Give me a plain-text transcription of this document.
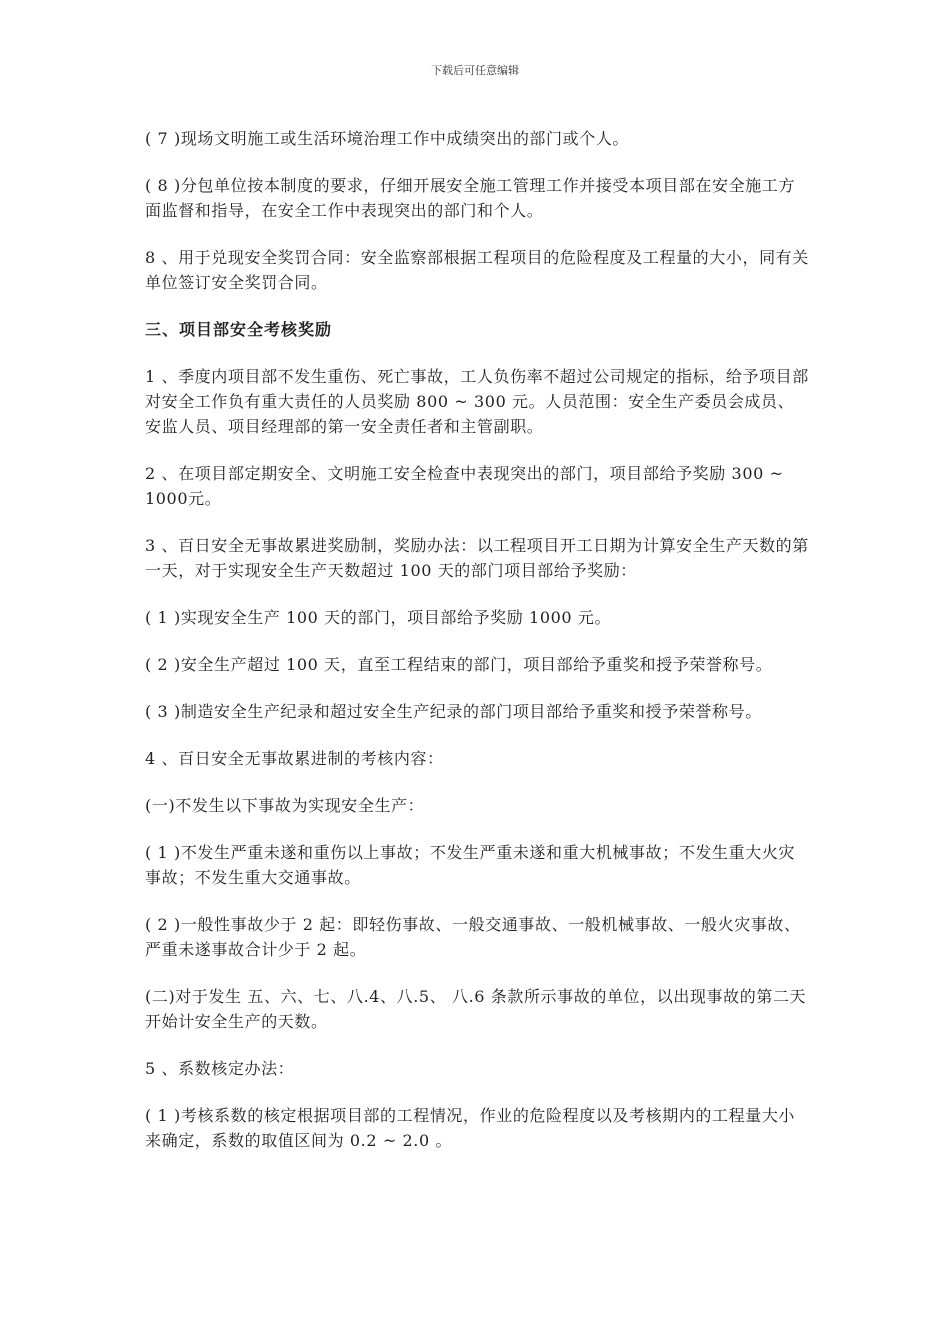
下载后可任意编辑

( 7 )现场文明施工或生活环境治理工作中成绩突出的部门或个人。

( 8 )分包单位按本制度的要求，仔细开展安全施工管理工作并接受本项目部在安全施工方面监督和指导，在安全工作中表现突出的部门和个人。

8 、用于兑现安全奖罚合同：安全监察部根据工程项目的危险程度及工程量的大小，同有关单位签订安全奖罚合同。

三、项目部安全考核奖励

1 、季度内项目部不发生重伤、死亡事故，工人负伤率不超过公司规定的指标，给予项目部对安全工作负有重大责任的人员奖励 800 ~ 300 元。人员范围：安全生产委员会成员、安监人员、项目经理部的第一安全责任者和主管副职。

2 、在项目部定期安全、文明施工安全检查中表现突出的部门，项目部给予奖励 300 ~ 1000元。

3 、百日安全无事故累进奖励制，奖励办法：以工程项目开工日期为计算安全生产天数的第一天，对于实现安全生产天数超过 100 天的部门项目部给予奖励：

( 1 )实现安全生产 100 天的部门，项目部给予奖励 1000 元。

( 2 )安全生产超过 100 天，直至工程结束的部门，项目部给予重奖和授予荣誉称号。

( 3 )制造安全生产纪录和超过安全生产纪录的部门项目部给予重奖和授予荣誉称号。

4 、百日安全无事故累进制的考核内容：

(一)不发生以下事故为实现安全生产：

( 1 )不发生严重未遂和重伤以上事故；不发生严重未遂和重大机械事故；不发生重大火灾事故；不发生重大交通事故。

( 2 )一般性事故少于 2 起：即轻伤事故、一般交通事故、一般机械事故、一般火灾事故、严重未遂事故合计少于 2 起。

(二)对于发生 五、六、七、八.4、八.5、 八.6 条款所示事故的单位，以出现事故的第二天开始计安全生产的天数。

5 、系数核定办法：

( 1 )考核系数的核定根据项目部的工程情况，作业的危险程度以及考核期内的工程量大小来确定，系数的取值区间为 0.2 ~ 2.0 。
